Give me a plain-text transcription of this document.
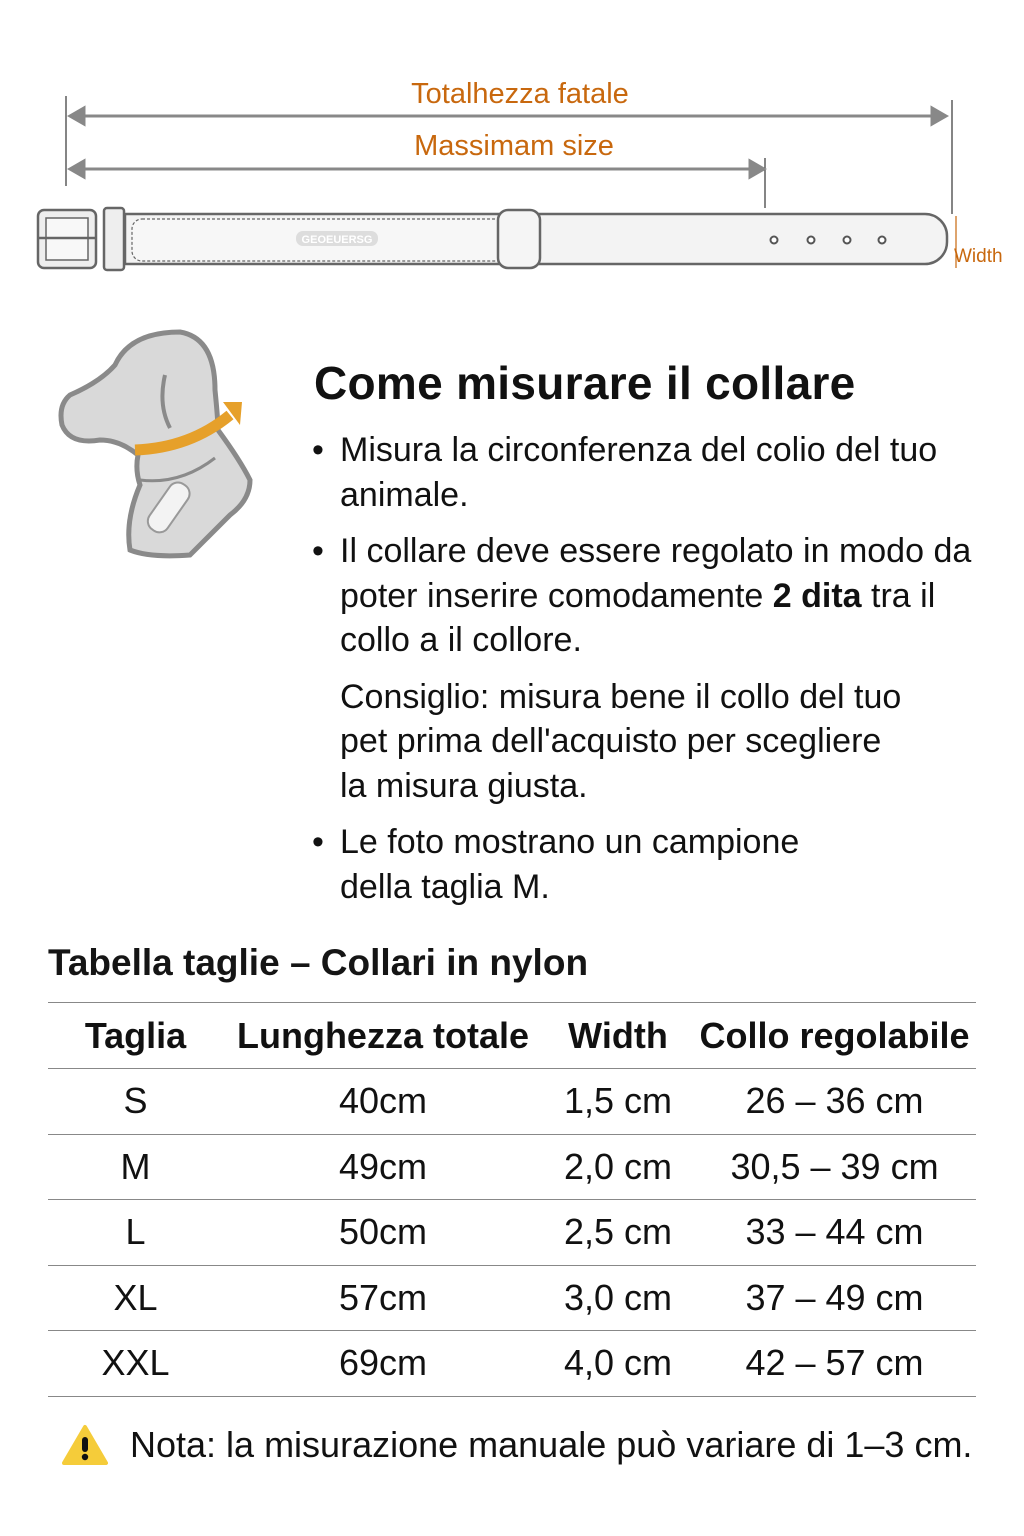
Totalhezza fatale
Massimam size
Width
GEOEUERSG
Come misurare il collare
• Misura la circonferenza del colio del tuo animale.
• Il collare deve essere regolato in modo da poter inserire comodamente 2 dita tra il collo a il collore.
Consiglio: misura bene il collo del tuo pet prima dell'acquisto per scegliere la misura giusta.
• Le foto mostrano un campione della taglia M.
Tabella taglie – Collari in nylon
Taglia	Lunghezza totale	Width	Collo regolabile
S	40cm	1,5 cm	26 – 36 cm
M	49cm	2,0 cm	30,5 – 39 cm
L	50cm	2,5 cm	33 – 44 cm
XL	57cm	3,0 cm	37 – 49 cm
XXL	69cm	4,0 cm	42 – 57 cm
Nota: la misurazione manuale può variare di 1–3 cm.
